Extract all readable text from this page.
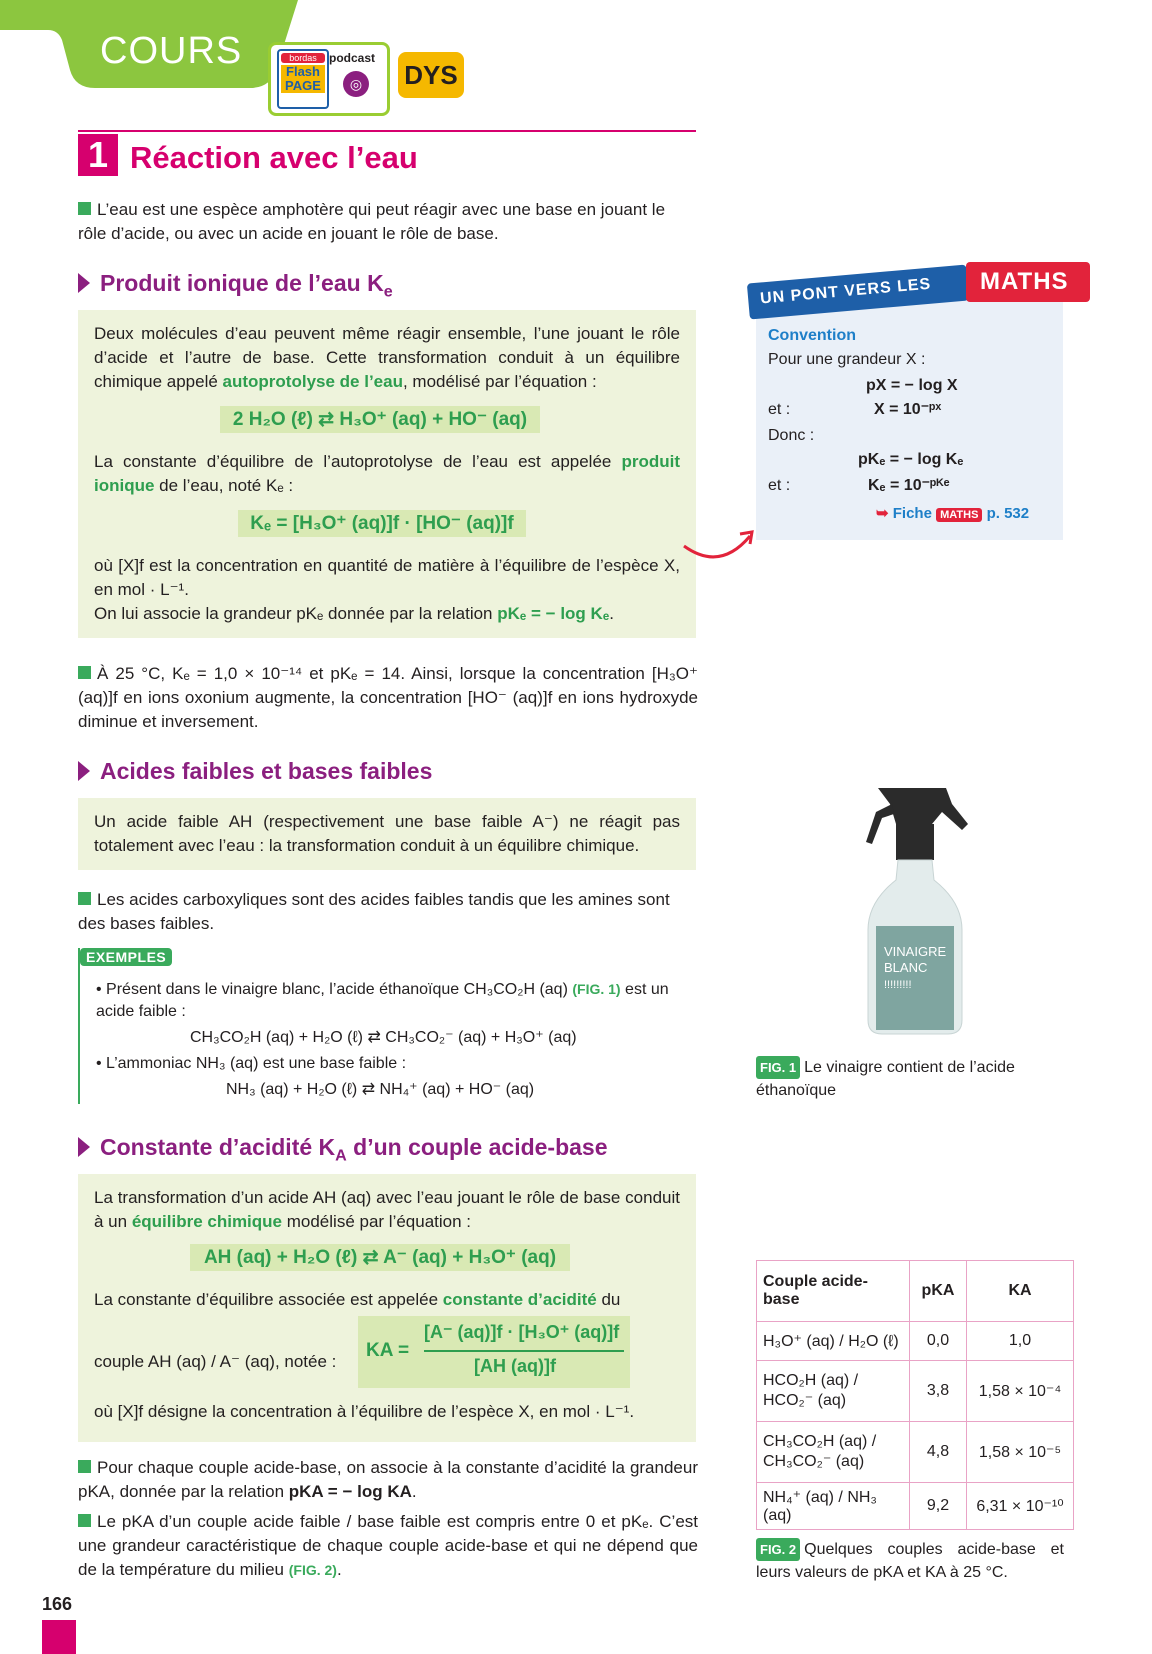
COURS	bordas
Flash PAGE
podcast
◎ DYS
1 Réaction avec l’eau

L’eau est une espèce amphotère qui peut réagir avec une base en jouant le rôle d’acide, ou avec un acide en jouant le rôle de base.

Produit ionique de l’eau $K_e$

Deux molécules d’eau peuvent même réagir ensemble, l’une jouant le rôle d’acide et l’autre de base. Cette transformation conduit à un équilibre chimique appelé autoprotolyse de l’eau, modélisé par l’équation :

2 H₂O (ℓ) ⇄ H₃O⁺ (aq) + HO⁻ (aq)

La constante d’équilibre de l’autoprotolyse de l’eau est appelée produit ionique de l’eau, noté Kₑ :

Kₑ = [H₃O⁺ (aq)]f · [HO⁻ (aq)]f

où [X]f est la concentration en quantité de matière à l’équilibre de l’espèce X, en mol · L⁻¹.

On lui associe la grandeur pKₑ donnée par la relation pKₑ = − log Kₑ.

À 25 °C, Kₑ = 1,0 × 10⁻¹⁴ et pKₑ = 14. Ainsi, lorsque la concentration [H₃O⁺ (aq)]f en ions oxonium augmente, la concentration [HO⁻ (aq)]f en ions hydroxyde diminue et inversement.

Acides faibles et bases faibles

Un acide faible AH (respectivement une base faible A⁻) ne réagit pas totalement avec l’eau : la transformation conduit à un équilibre chimique.

Les acides carboxyliques sont des acides faibles tandis que les amines sont des bases faibles.

EXEMPLES
• Présent dans le vinaigre blanc, l’acide éthanoïque CH₃CO₂H (aq) (FIG. 1) est un acide faible :
CH₃CO₂H (aq) + H₂O (ℓ) ⇄ CH₃CO₂⁻ (aq) + H₃O⁺ (aq)
• L’ammoniac NH₃ (aq) est une base faible :
NH₃ (aq) + H₂O (ℓ) ⇄ NH₄⁺ (aq) + HO⁻ (aq)
Constante d’acidité $K_A$ d’un couple acide-base

La transformation d’un acide AH (aq) avec l’eau jouant le rôle de base conduit à un équilibre chimique modélisé par l’équation :

AH (aq) + H₂O (ℓ) ⇄ A⁻ (aq) + H₃O⁺ (aq)

La constante d’équilibre associée est appelée constante d’acidité du

couple AH (aq) / A⁻ (aq), notée :

KA =
[A⁻ (aq)]f · [H₃O⁺ (aq)]f
[AH (aq)]f

où [X]f désigne la concentration à l’équilibre de l’espèce X, en mol · L⁻¹.

Pour chaque couple acide-base, on associe à la constante d’acidité la grandeur pKA, donnée par la relation pKA = − log KA.

Le pKA d’un couple acide faible / base faible est compris entre 0 et pKₑ. C’est une grandeur caractéristique de chaque couple acide-base et qui ne dépend que de la température du milieu (FIG. 2).

166
UN PONT VERS LES MATHS
Convention
Pour une grandeur X :
pX = − log X
et :	X = 10⁻ᵖˣ
Donc :
pKₑ = − log Kₑ
et :	Kₑ = 10⁻ᵖᴷᵉ
➥ Fiche MATHS p. 532
VINAIGRE
BLANC
!!!!!!!!!
FIG. 1 Le vinaigre contient de l’acide éthanoïque
Couple acide-base	pKA	KA
H₃O⁺ (aq) / H₂O (ℓ)	0,0	1,0
HCO₂H (aq) / HCO₂⁻ (aq)	3,8	1,58 × 10⁻⁴
CH₃CO₂H (aq) / CH₃CO₂⁻ (aq)	4,8	1,58 × 10⁻⁵
NH₄⁺ (aq) / NH₃ (aq)	9,2	6,31 × 10⁻¹⁰
FIG. 2 Quelques couples acide-base et leurs valeurs de pKA et KA à 25 °C.
